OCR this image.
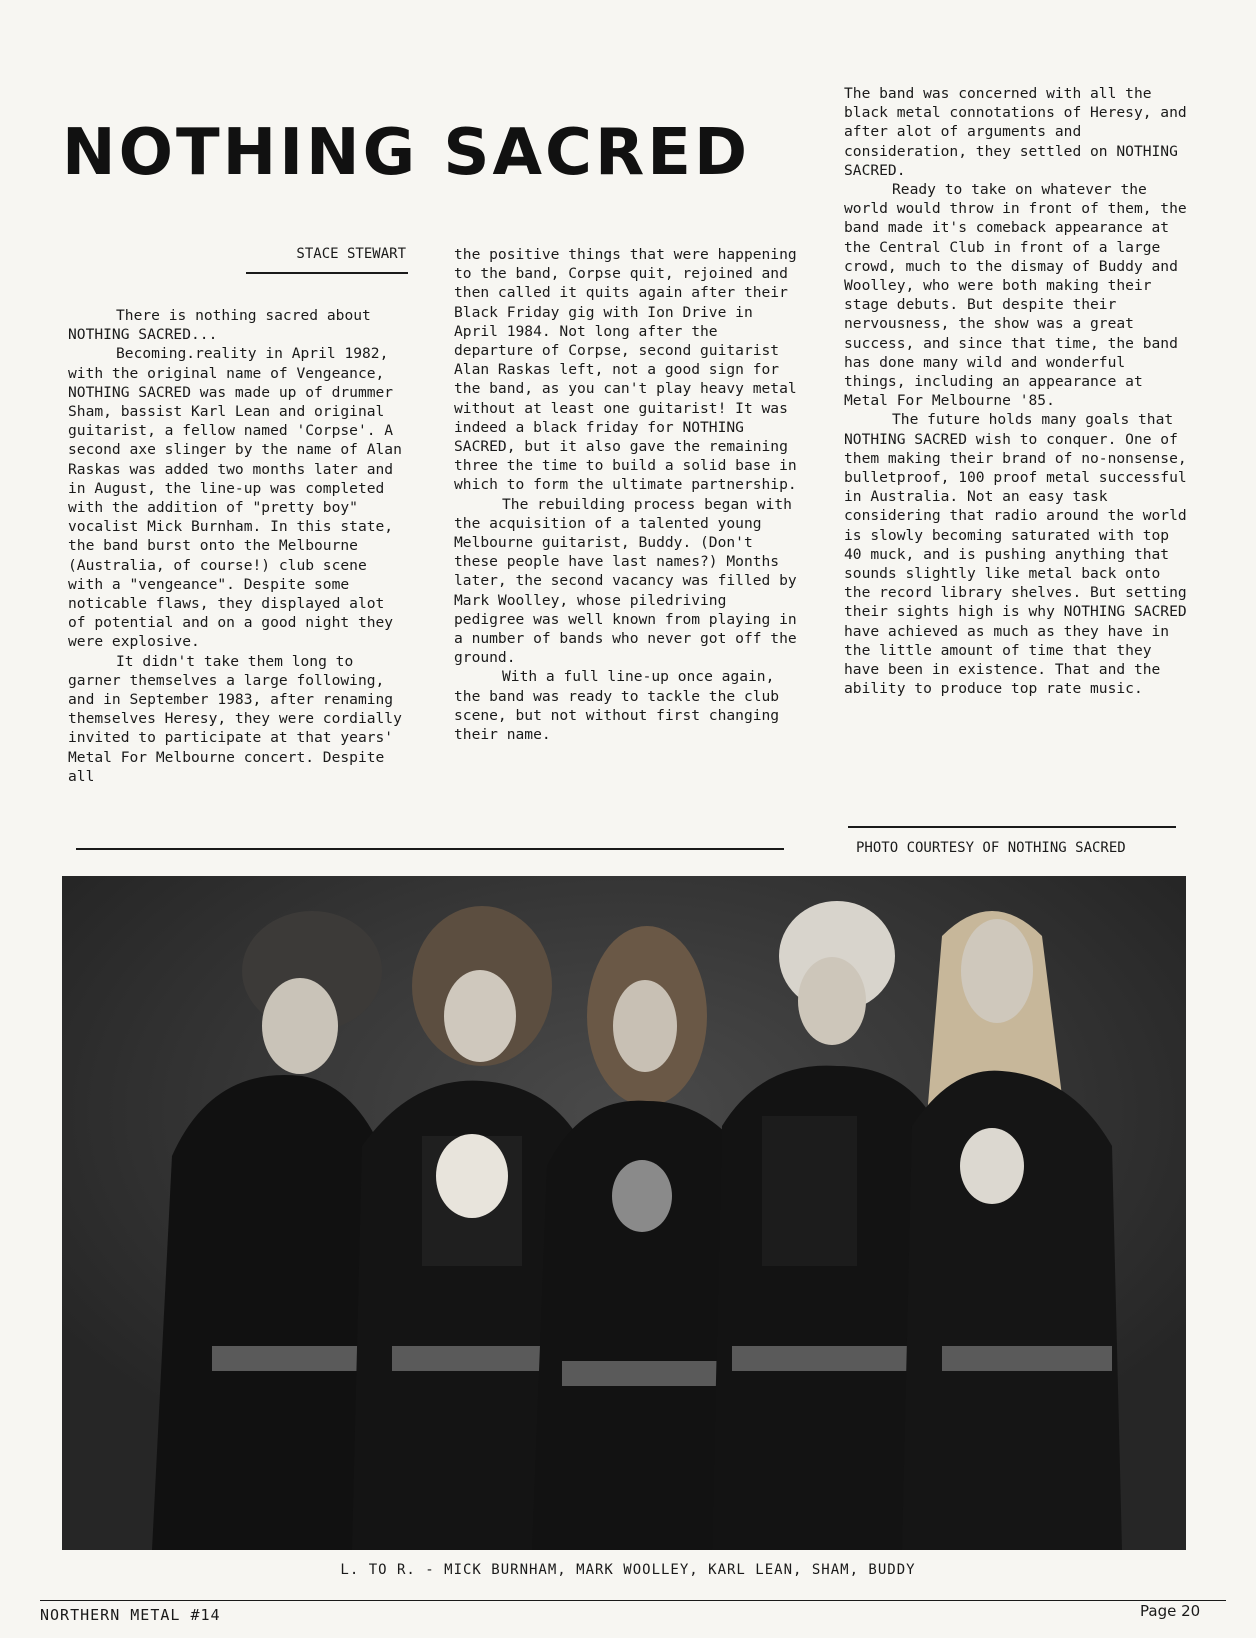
NOTHING SACRED
STACE STEWART

There is nothing sacred about NOTHING SACRED...

Becoming.reality in April 1982, with the original name of Vengeance, NOTHING SACRED was made up of drummer Sham, bassist Karl Lean and original guitarist, a fellow named 'Corpse'. A second axe slinger by the name of Alan Raskas was added two months later and in August, the line-up was completed with the addition of "pretty boy" vocalist Mick Burnham. In this state, the band burst onto the Melbourne (Australia, of course!) club scene with a "vengeance". Despite some noticable flaws, they displayed alot of potential and on a good night they were explosive.

It didn't take them long to garner themselves a large following, and in September 1983, after renaming themselves Heresy, they were cordially invited to participate at that years' Metal For Melbourne concert. Despite all

the positive things that were happening to the band, Corpse quit, rejoined and then called it quits again after their Black Friday gig with Ion Drive in April 1984. Not long after the departure of Corpse, second guitarist Alan Raskas left, not a good sign for the band, as you can't play heavy metal without at least one guitarist! It was indeed a black friday for NOTHING SACRED, but it also gave the remaining three the time to build a solid base in which to form the ultimate partnership.

The rebuilding process began with the acquisition of a talented young Melbourne guitarist, Buddy. (Don't these people have last names?) Months later, the second vacancy was filled by Mark Woolley, whose piledriving pedigree was well known from playing in a number of bands who never got off the ground.

With a full line-up once again, the band was ready to tackle the club scene, but not without first changing their name.

The band was concerned with all the black metal connotations of Heresy, and after alot of arguments and consideration, they settled on NOTHING SACRED.

Ready to take on whatever the world would throw in front of them, the band made it's comeback appearance at the Central Club in front of a large crowd, much to the dismay of Buddy and Woolley, who were both making their stage debuts. But despite their nervousness, the show was a great success, and since that time, the band has done many wild and wonderful things, including an appearance at Metal For Melbourne '85.

The future holds many goals that NOTHING SACRED wish to conquer. One of them making their brand of no-nonsense, bulletproof, 100 proof metal successful in Australia. Not an easy task considering that radio around the world is slowly becoming saturated with top 40 muck, and is pushing anything that sounds slightly like metal back onto the record library shelves. But setting their sights high is why NOTHING SACRED have achieved as much as they have in the little amount of time that they have been in existence. That and the ability to produce top rate music.

PHOTO COURTESY OF NOTHING SACRED
L. TO R. - MICK BURNHAM, MARK WOOLLEY, KARL LEAN, SHAM, BUDDY
NORTHERN METAL #14	Page 20
